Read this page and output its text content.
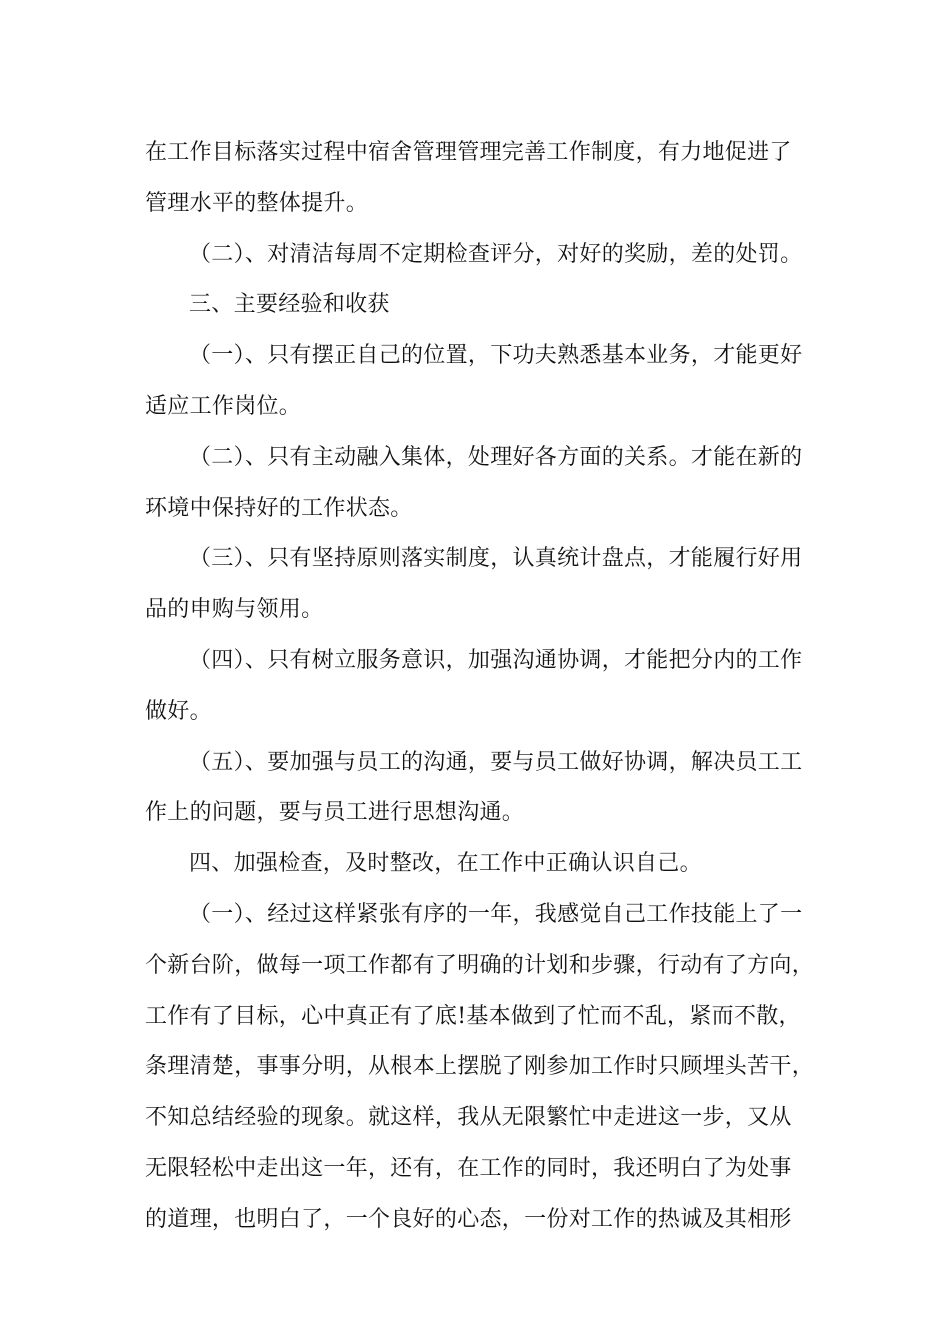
在工作目标落实过程中宿舍管理管理完善工作制度，有力地促进了

管理水平的整体提升。

（二）、对清洁每周不定期检查评分，对好的奖励，差的处罚。

三、主要经验和收获

（一）、只有摆正自己的位置，下功夫熟悉基本业务，才能更好

适应工作岗位。

（二）、只有主动融入集体，处理好各方面的关系。才能在新的

环境中保持好的工作状态。

（三）、只有坚持原则落实制度，认真统计盘点，才能履行好用

品的申购与领用。

（四）、只有树立服务意识，加强沟通协调，才能把分内的工作

做好。

（五）、要加强与员工的沟通，要与员工做好协调，解决员工工

作上的问题，要与员工进行思想沟通。

四、加强检查，及时整改，在工作中正确认识自己。

（一）、经过这样紧张有序的一年，我感觉自己工作技能上了一

个新台阶，做每一项工作都有了明确的计划和步骤，行动有了方向，

工作有了目标，心中真正有了底!基本做到了忙而不乱，紧而不散，

条理清楚，事事分明，从根本上摆脱了刚参加工作时只顾埋头苦干，

不知总结经验的现象。就这样，我从无限繁忙中走进这一步，又从

无限轻松中走出这一年，还有，在工作的同时，我还明白了为处事

的道理，也明白了，一个良好的心态，一份对工作的热诚及其相形
